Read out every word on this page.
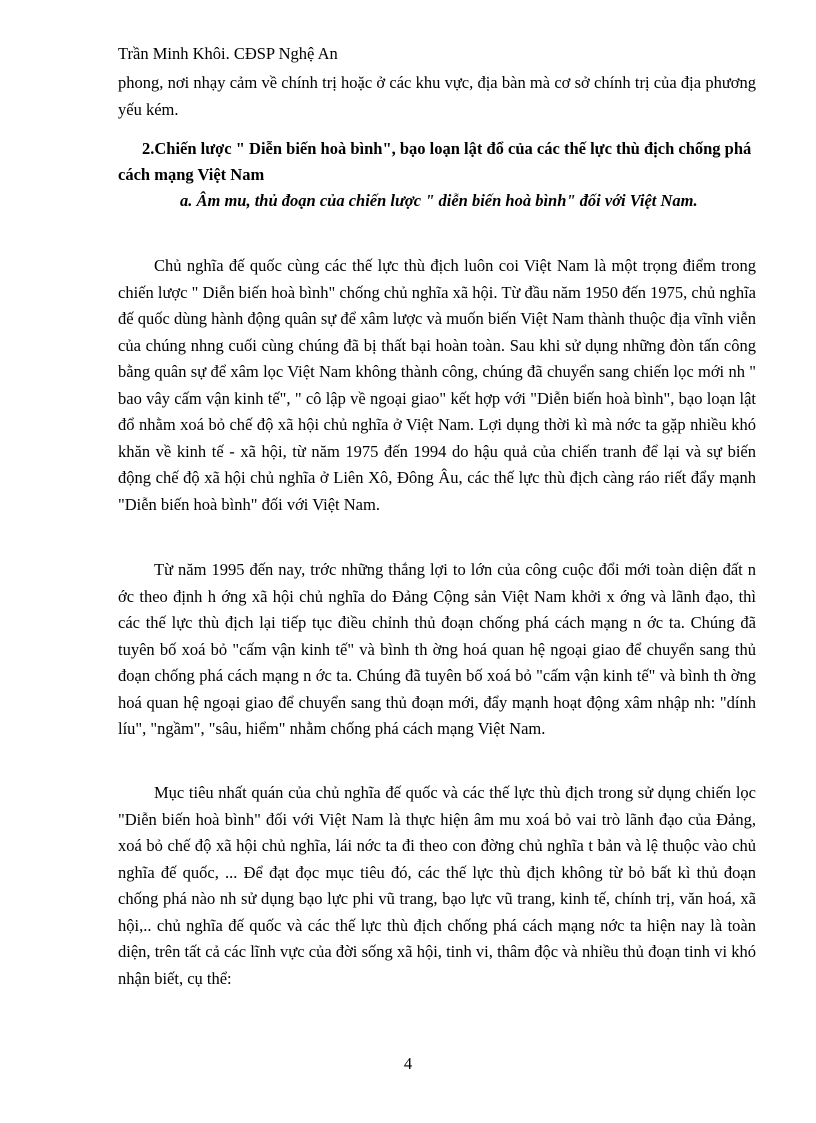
Trần Minh Khôi. CĐSP Nghệ An

phong, nơi nhạy cảm về chính trị hoặc ở các khu vực, địa bàn mà cơ sở chính trị của địa phương yếu kém.

2.Chiến lược " Diễn biến hoà bình", bạo loạn lật đổ của các thế lực thù địch chống phá cách mạng Việt Nam

a. Âm mu, thủ đoạn của chiến lược " diễn biến hoà bình" đối với Việt Nam.

Chủ nghĩa đế quốc cùng các thế lực thù địch luôn coi Việt Nam là một trọng điểm trong chiến lược " Diễn biến hoà bình" chống chủ nghĩa xã hội. Từ đầu năm 1950 đến 1975, chủ nghĩa đế quốc dùng hành động quân sự để xâm lược và muốn biến Việt Nam thành thuộc địa vĩnh viễn của chúng nhng cuối cùng chúng đã bị thất bại hoàn toàn. Sau khi sử dụng những đòn tấn công bằng quân sự để xâm lọc Việt Nam không thành công, chúng đã chuyển sang chiến lọc mới nh " bao vây cấm vận kinh tế", " cô lập về ngoại giao" kết hợp với "Diễn biến hoà bình", bạo loạn lật đổ nhằm xoá bỏ chế độ xã hội chủ nghĩa ở Việt Nam. Lợi dụng thời kì mà nớc ta gặp nhiều khó khăn về kinh tế - xã hội, từ năm 1975 đến 1994 do hậu quả của chiến tranh để lại và sự biến động chế độ xã hội chủ nghĩa ở Liên Xô, Đông Âu, các thế lực thù địch càng ráo riết đẩy mạnh "Diễn biến hoà bình" đối với Việt Nam.

Từ năm 1995 đến nay, trớc những thắng lợi to lớn của công cuộc đổi mới toàn diện đất n ớc theo định h ớng xã hội chủ nghĩa do Đảng Cộng sản Việt Nam khởi x ớng và lãnh đạo, thì các thế lực thù địch lại tiếp tục điều chỉnh thủ đoạn chống phá cách mạng n ớc ta. Chúng đã tuyên bố xoá bỏ "cấm vận kinh tế" và bình th ờng hoá quan hệ ngoại giao để chuyển sang thủ đoạn chống phá cách mạng n ớc ta. Chúng đã tuyên bố xoá bỏ "cấm vận kinh tế" và bình th ờng hoá quan hệ ngoại giao để chuyển sang thủ đoạn mới, đẩy mạnh hoạt động xâm nhập nh: "dính líu", "ngầm", "sâu, hiểm" nhằm chống phá cách mạng Việt Nam.

Mục tiêu nhất quán của chủ nghĩa đế quốc và các thế lực thù địch trong sử dụng chiến lọc "Diễn biến hoà bình" đối với Việt Nam là thực hiện âm mu xoá bỏ vai trò lãnh đạo của Đảng, xoá bỏ chế độ xã hội chủ nghĩa, lái nớc ta đi theo con đờng chủ nghĩa t bản và lệ thuộc vào chủ nghĩa đế quốc, ... Để đạt đọc mục tiêu đó, các thế lực thù địch không từ bỏ bất kì thủ đoạn chống phá nào nh sử dụng bạo lực phi vũ trang, bạo lực vũ trang, kinh tế, chính trị, văn hoá, xã hội,.. chủ nghĩa đế quốc và các thế lực thù địch chống phá cách mạng nớc ta hiện nay là toàn diện, trên tất cả các lĩnh vực của đời sống xã hội, tinh vi, thâm độc và nhiều thủ đoạn tinh vi khó nhận biết, cụ thể:

4
